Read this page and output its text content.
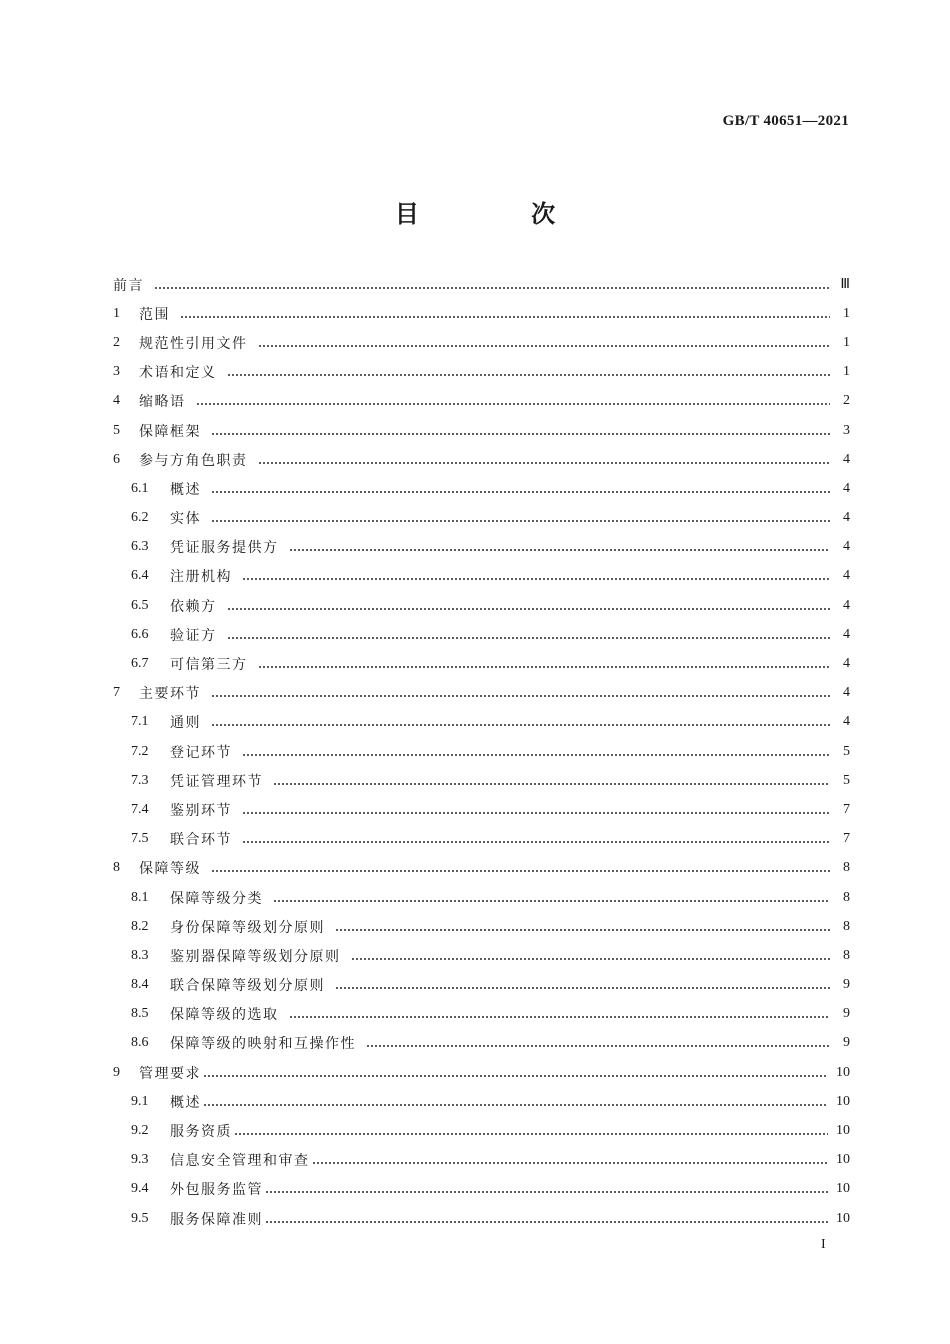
GB/T 40651—2021
目 次
前言	Ⅲ
1	范围	1
2	规范性引用文件	1
3	术语和定义	1
4	缩略语	2
5	保障框架	3
6	参与方角色职责	4
6.1	概述	4
6.2	实体	4
6.3	凭证服务提供方	4
6.4	注册机构	4
6.5	依赖方	4
6.6	验证方	4
6.7	可信第三方	4
7	主要环节	4
7.1	通则	4
7.2	登记环节	5
7.3	凭证管理环节	5
7.4	鉴别环节	7
7.5	联合环节	7
8	保障等级	8
8.1	保障等级分类	8
8.2	身份保障等级划分原则	8
8.3	鉴别器保障等级划分原则	8
8.4	联合保障等级划分原则	9
8.5	保障等级的选取	9
8.6	保障等级的映射和互操作性	9
9	管理要求	10
9.1	概述	10
9.2	服务资质	10
9.3	信息安全管理和审查	10
9.4	外包服务监管	10
9.5	服务保障准则	10
I
